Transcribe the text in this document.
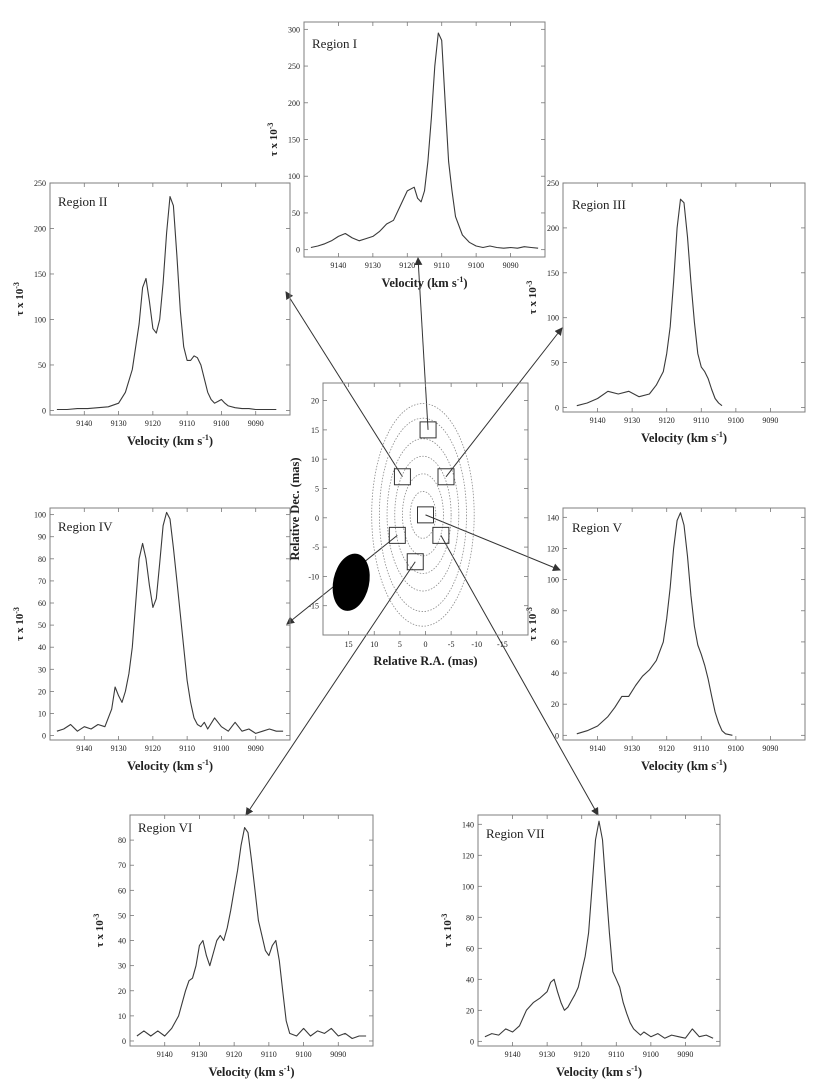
9140 9130 9120 9110 9100 9090
0
50
100
150
200
250
300
Region I
Velocity (km $s^{-1}$)
τ x $10^{-3}$
9140 9130 9120 9110 9100 9090
0
50
100
150
200
250
Region II
Velocity (km $s^{-1}$)
τ x $10^{-3}$
9140 9130 9120 9110 9100 9090
0
50
100
150
200
250
Region III
Velocity (km $s^{-1}$)
τ x $10^{-3}$
9140 9130 9120 9110 9100 9090
0
10
20
30
40
50
60
70
80
90
100
Region IV
Velocity (km $s^{-1}$)
τ x $10^{-3}$
9140 9130 9120 9110 9100 9090
0
20
40
60
80
100
120
140
Region V
Velocity (km $s^{-1}$)
τ x $10^{-3}$
9140 9130 9120 9110 9100 9090
0
10
20
30
40
50
60
70
80
Region VI
Velocity (km $s^{-1}$)
τ x $10^{-3}$
9140 9130 9120 9110 9100 9090
0
20
40
60
80
100
120
140
Region VII
Velocity (km $s^{-1}$)
τ x $10^{-3}$
15 10 5	0	-5 -10 -15
20
15
10
5
0
-5
-10
-15
Relative R.A. (mas)
Relative Dec. (mas)
